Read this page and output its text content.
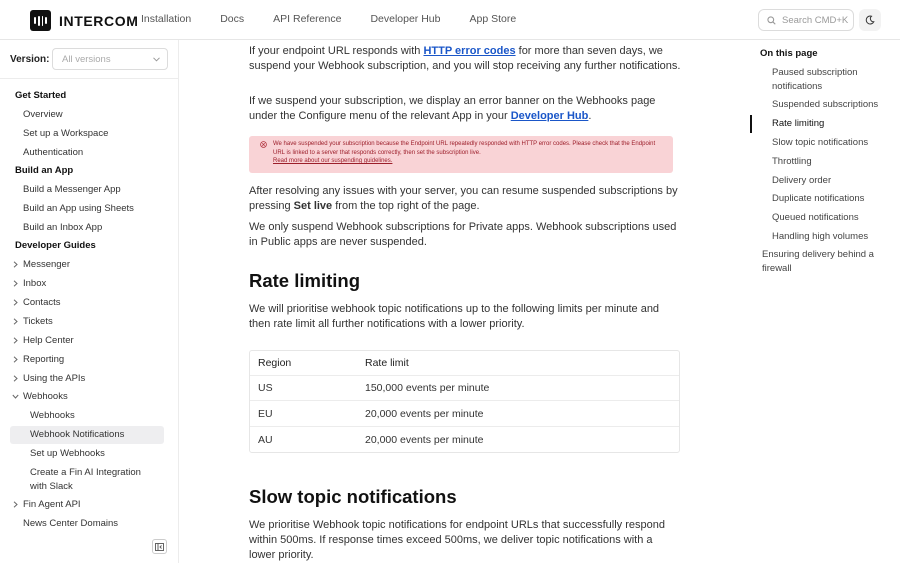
INTERCOM Installation	Docs	API Reference	Developer Hub	App Store	Search CMD+K
Version: All versions
Get Started
Overview
Set up a Workspace
Authentication
Build an App
Build a Messenger App
Build an App using Sheets
Build an Inbox App
Developer Guides
Messenger
Inbox
Contacts
Tickets
Help Center
Reporting
Using the APIs
Webhooks
Webhooks
Webhook Notifications
Set up Webhooks
Create a Fin AI Integration with Slack
Fin Agent API
News Center Domains

If your endpoint URL responds with HTTP error codes for more than seven days, we suspend your Webhook subscription, and you will stop receiving any further notifications.

If we suspend your subscription, we display an error banner on the Webhooks page under the Configure menu of the relevant App in your Developer Hub.

We have suspended your subscription because the Endpoint URL repeatedly responded with HTTP error codes. Please check that the Endpoint URL is linked to a server that responds correctly, then set the subscription live.
Read more about our suspending guidelines.

After resolving any issues with your server, you can resume suspended subscriptions by pressing Set live from the top right of the page.

We only suspend Webhook subscriptions for Private apps. Webhook subscriptions used in Public apps are never suspended.

Rate limiting

We will prioritise webhook topic notifications up to the following limits per minute and then rate limit all further notifications with a lower priority.

Region	Rate limit
US	150,000 events per minute
EU	20,000 events per minute
AU	20,000 events per minute
Slow topic notifications

We prioritise Webhook topic notifications for endpoint URLs that successfully respond within 500ms. If response times exceed 500ms, we deliver topic notifications with a lower priority.

On this page
Paused subscription notifications
Suspended subscriptions
Rate limiting
Slow topic notifications
Throttling
Delivery order
Duplicate notifications
Queued notifications
Handling high volumes
Ensuring delivery behind a firewall
